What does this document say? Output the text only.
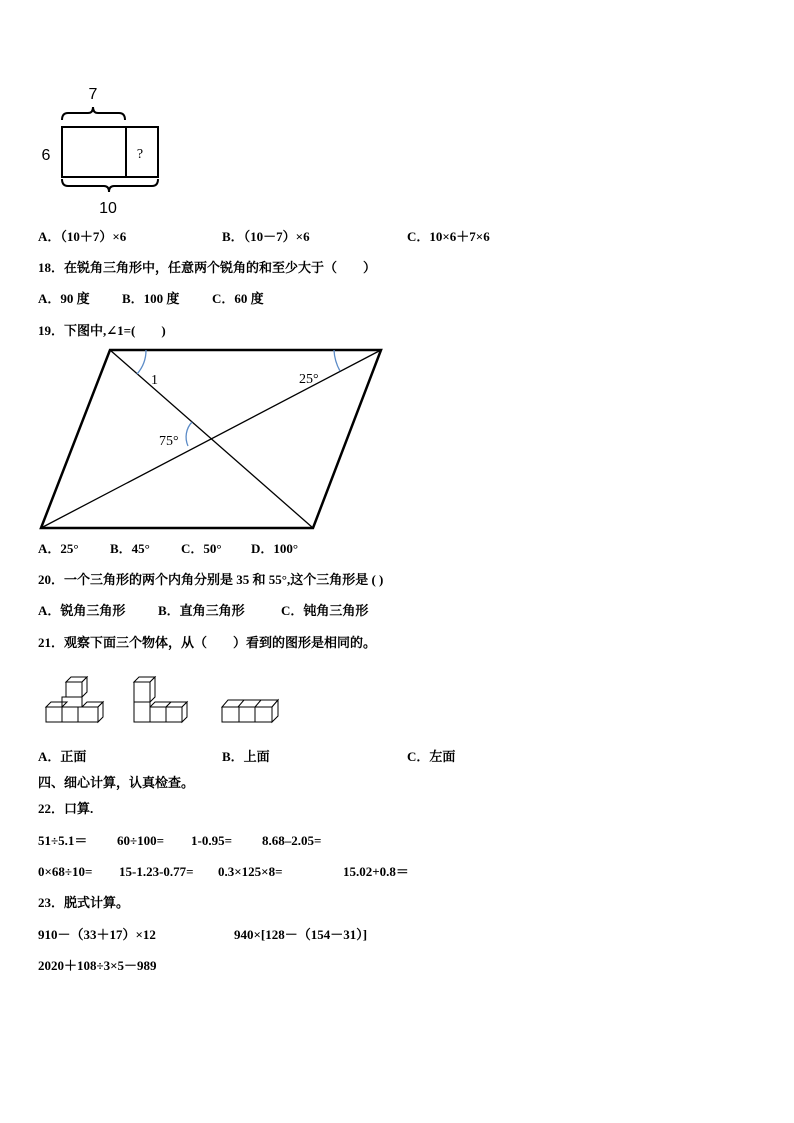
7
?
6
10
A．（10＋7）×6	B．（10－7）×6	C．10×6＋7×6
18．在锐角三角形中，任意两个锐角的和至少大于（　　）
A．90 度 B．100 度	C．60 度
19．下图中,∠1=(　　)
1	25°
75°
A．25° B．45° C．50° D．100°
20．一个三角形的两个内角分别是 35 和 55°,这个三角形是 ( )
A．锐角三角形	B．直角三角形	C．钝角三角形
21．观察下面三个物体，从（　　）看到的图形是相同的。
A．正面	B．上面	C．左面
四、细心计算，认真检查。
22．口算.
51÷5.1＝ 60÷100= 1-0.95= 8.68–2.05=
0×68÷10= 15-1.23-0.77= 0.3×125×8=	15.02+0.8＝
23．脱式计算。
910－（33＋17）×12	940×[128－（154－31）]
2020＋108÷3×5－989
